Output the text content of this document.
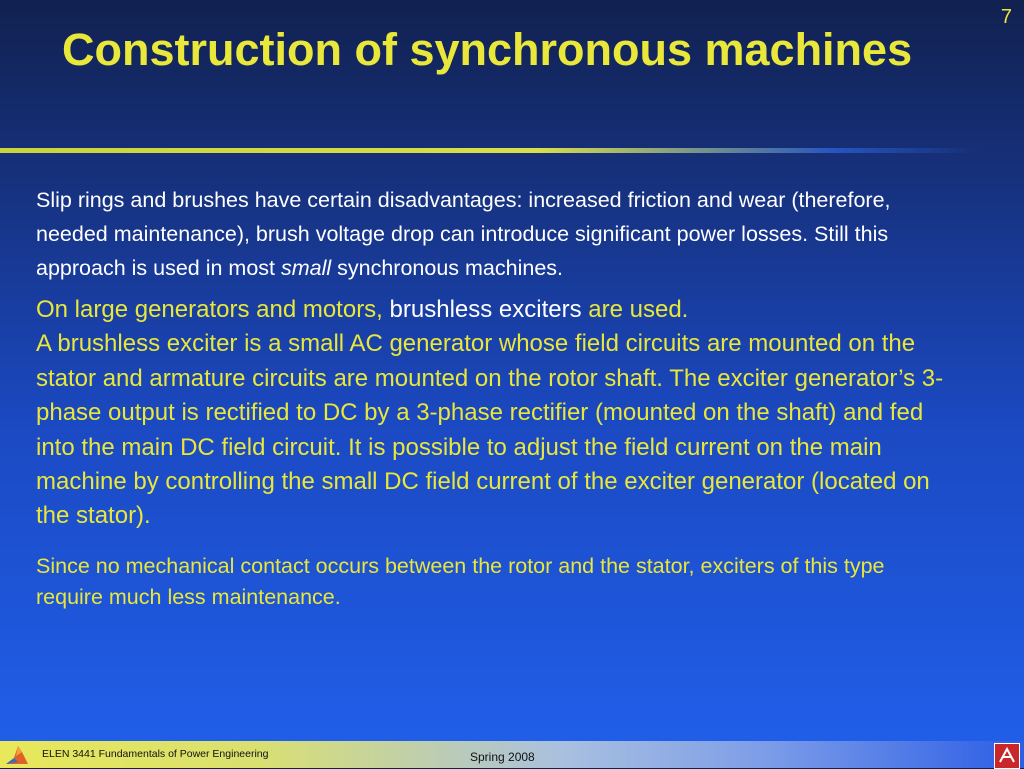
7
Construction of synchronous machines

Slip rings and brushes have certain disadvantages: increased friction and wear (therefore, needed maintenance), brush voltage drop can introduce significant power losses. Still this approach is used in most small synchronous machines.

On large generators and motors, brushless exciters are used.
A brushless exciter is a small AC generator whose field circuits are mounted on the stator and armature circuits are mounted on the rotor shaft. The exciter generator’s 3-phase output is rectified to DC by a 3-phase rectifier (mounted on the shaft) and fed into the main DC field circuit. It is possible to adjust the field current on the main machine by controlling the small DC field current of the exciter generator (located on the stator).

Since no mechanical contact occurs between the rotor and the stator, exciters of this type require much less maintenance.

ELEN 3441 Fundamentals of Power Engineering	Spring 2008
